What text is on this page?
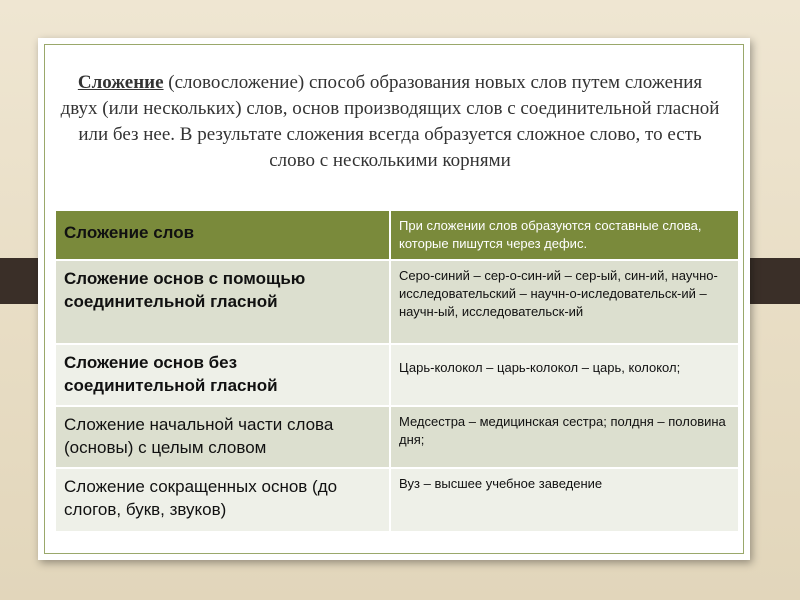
Сложение (словосложение) способ образования новых слов путем сложения двух (или нескольких) слов, основ производящих слов с соединительной гласной или без нее. В результате сложения всегда образуется сложное слово, то есть слово с несколькими корнями
Сложение слов	При сложении слов образуются составные слова, которые пишутся через дефис.
Сложение основ с помощью соединительной гласной
Серо-синий – сер-о-син-ий – сер-ый, син-ий, научно-исследовательский – научн-о-иследовательск-ий – научн-ый, исследовательск-ий
Сложение основ без соединительной гласной
Царь-колокол – царь-колокол – царь, колокол;
Сложение начальной части слова (основы) с целым словом
Медсестра – медицинская сестра; полдня – половина дня;
Сложение сокращенных основ (до слогов, букв, звуков)
Вуз – высшее учебное заведение
